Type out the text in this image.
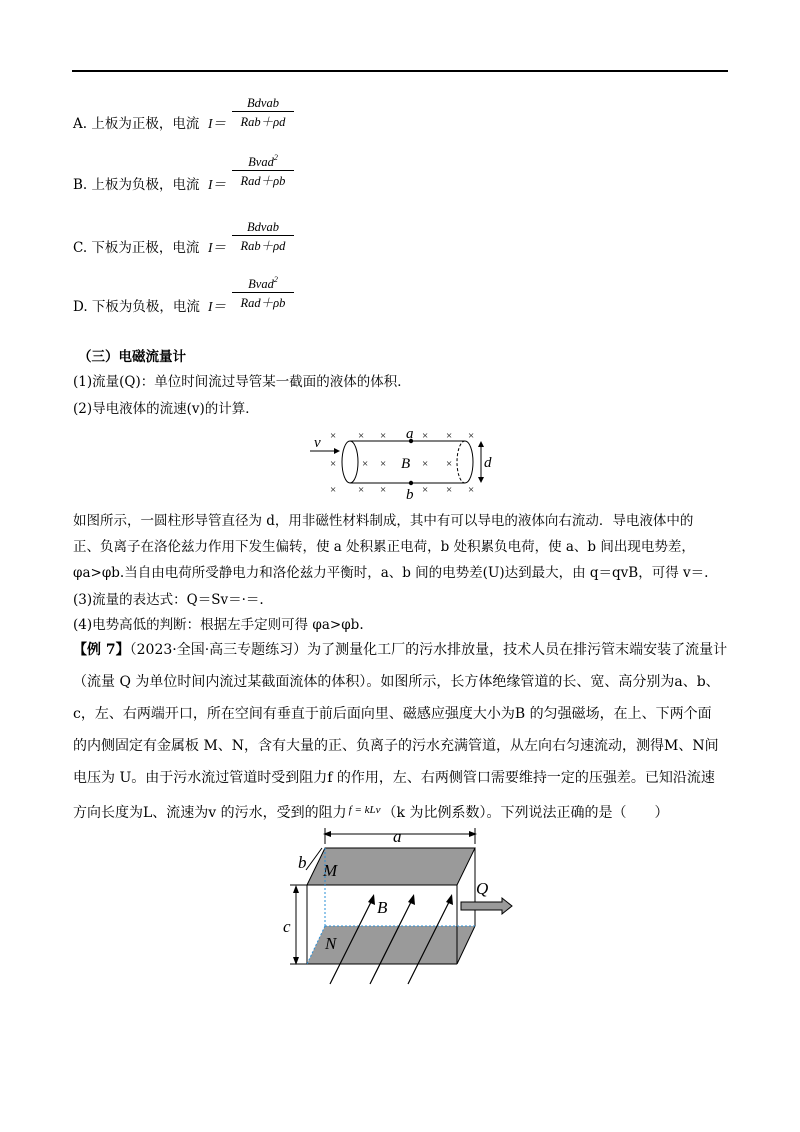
A. 上板为正极，电流 I＝
Bdvab
Rab＋ρd
B. 上板为负极，电流 I＝
Bvad$^2$
Rad＋ρb
C. 下板为正极，电流 I＝
Bdvab
Rab＋ρd
D. 下板为负极，电流 I＝
Bvad$^2$
Rad＋ρb
（三）电磁流量计
(1)流量(Q)：单位时间流过导管某一截面的液体的体积．
(2)导电液体的流速(v)的计算．
× × ×	× × ×
× × ×	× ×
× × ×	× × ×
v
a
b
B	d
如图所示，一圆柱形导管直径为 d，用非磁性材料制成，其中有可以导电的液体向右流动．导电液体中的
正、负离子在洛伦兹力作用下发生偏转，使 a 处积累正电荷，b 处积累负电荷，使 a、b 间出现电势差，
φa>φb.当自由电荷所受静电力和洛伦兹力平衡时，a、b 间的电势差(U)达到最大，由 q＝qvB，可得 v＝.
(3)流量的表达式：Q＝Sv＝·＝.
(4)电势高低的判断：根据左手定则可得 φa>φb.
【例 7】（2023·全国·高三专题练习）为了测量化工厂的污水排放量，技术人员在排污管末端安装了流量计
（流量 Q 为单位时间内流过某截面流体的体积）。如图所示，长方体绝缘管道的长、宽、高分别为a、b、
c，左、右两端开口，所在空间有垂直于前后面向里、磁感应强度大小为B 的匀强磁场，在上、下两个面
的内侧固定有金属板 M、N，含有大量的正、负离子的污水充满管道，从左向右匀速流动，测得M、N间
电压为 U。由于污水流过管道时受到阻力f 的作用，左、右两侧管口需要维持一定的压强差。已知沿流速
方向长度为L、流速为v 的污水，受到的阻力 $^{f = kLv}$ （k 为比例系数）。下列说法正确的是（　　）
a
b M
N
c
B
Q
